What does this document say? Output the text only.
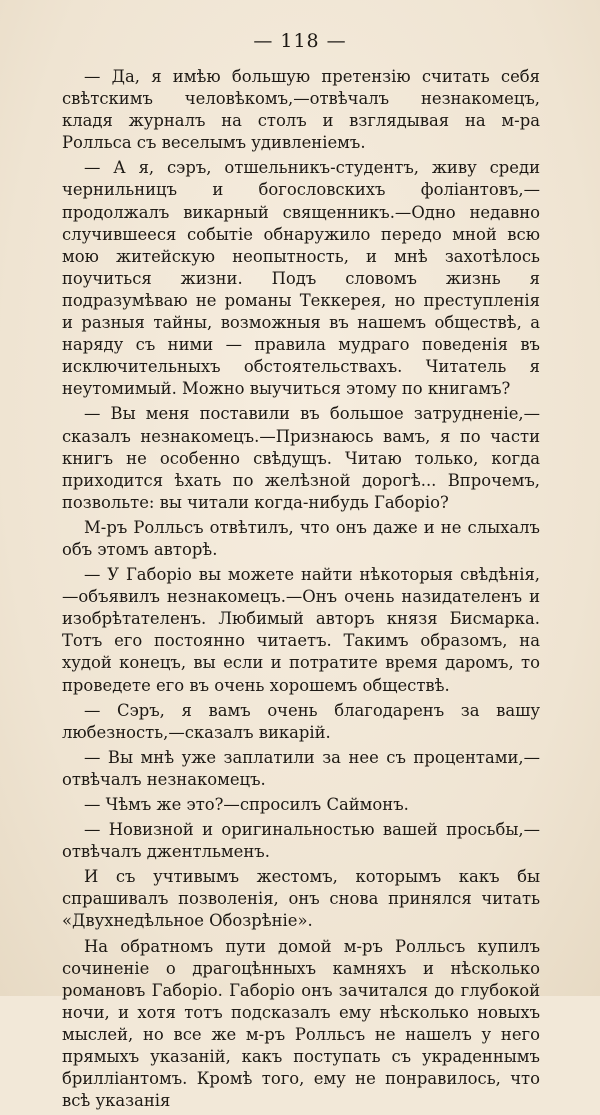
— 118 —

— Да, я имѣю большую претензію считать себя свѣтскимъ человѣкомъ,—отвѣчалъ незнакомецъ, кладя журналъ на столъ и взглядывая на м-ра Ролльса съ веселымъ удивленіемъ.

— А я, сэръ, отшельникъ-студентъ, живу среди чернильницъ и богословскихъ фоліантовъ,—продолжалъ викарный священникъ.—Одно недавно случившееся событіе обнаружило передо мной всю мою житейскую неопытность, и мнѣ захотѣлось поучиться жизни. Подъ словомъ жизнь я подразумѣваю не романы Теккерея, но преступленія и разныя тайны, возможныя въ нашемъ обществѣ, а наряду съ ними — правила мудраго поведенія въ исключительныхъ обстоятельствахъ. Читатель я неутомимый. Можно выучиться этому по книгамъ?

— Вы меня поставили въ большое затрудненіе,—сказалъ незнакомецъ.—Признаюсь вамъ, я по части книгъ не особенно свѣдущъ. Читаю только, когда приходится ѣхать по желѣзной дорогѣ... Впрочемъ, позвольте: вы читали когда-нибудь Габоріо?

М-ръ Ролльсъ отвѣтилъ, что онъ даже и не слыхалъ объ этомъ авторѣ.

— У Габоріо вы можете найти нѣкоторыя свѣдѣнія,—объявилъ незнакомецъ.—Онъ очень назидателенъ и изобрѣтателенъ. Любимый авторъ князя Бисмарка. Тотъ его постоянно читаетъ. Такимъ образомъ, на худой конецъ, вы если и потратите время даромъ, то проведете его въ очень хорошемъ обществѣ.

— Сэръ, я вамъ очень благодаренъ за вашу любезность,—сказалъ викарій.

— Вы мнѣ уже заплатили за нее съ процентами,—отвѣчалъ незнакомецъ.

— Чѣмъ же это?—спросилъ Саймонъ.

— Новизной и оригинальностью вашей просьбы,—отвѣчалъ джентльменъ.

И съ учтивымъ жестомъ, которымъ какъ бы спрашивалъ позволенія, онъ снова принялся читать «Двухнедѣльное Обозрѣніе».

На обратномъ пути домой м-ръ Ролльсъ купилъ сочиненіе о драгоцѣнныхъ камняхъ и нѣсколько романовъ Габоріо. Габоріо онъ зачитался до глубокой ночи, и хотя тотъ подсказалъ ему нѣсколько новыхъ мыслей, но все же м-ръ Ролльсъ не нашелъ у него прямыхъ указаній, какъ поступать съ украденнымъ брилліантомъ. Кромѣ того, ему не понравилось, что всѣ указанія
